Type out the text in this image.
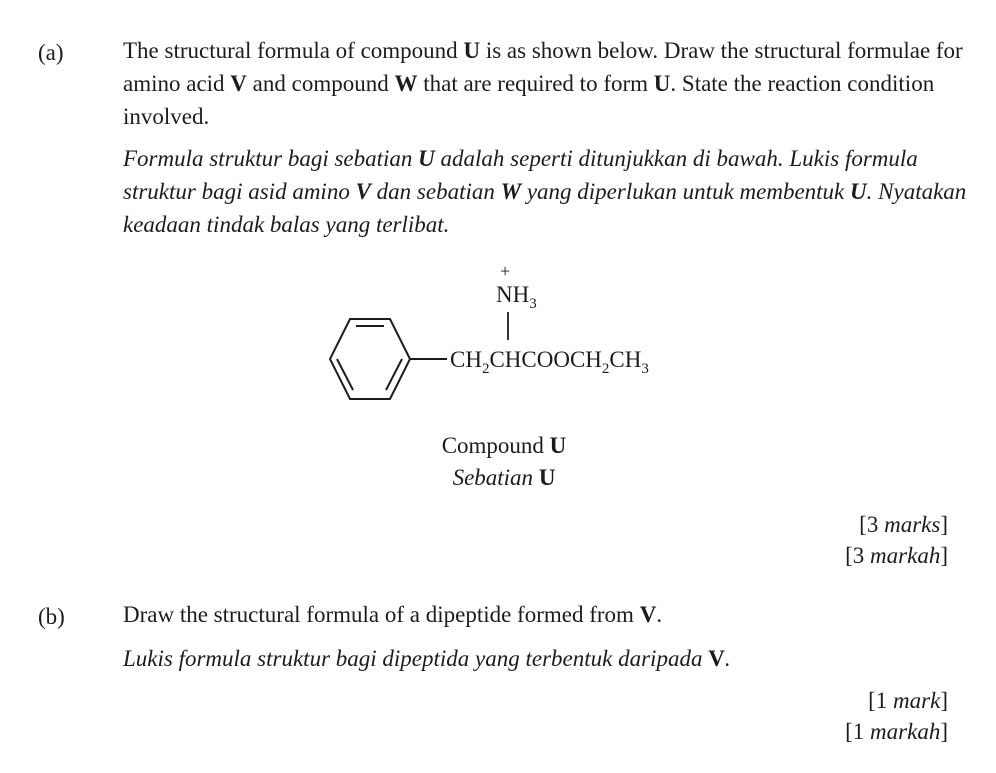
(a)	The structural formula of compound U is as shown below. Draw the structural formulae for amino acid V and compound W that are required to form U. State the reaction condition involved.
Formula struktur bagi sebatian U adalah seperti ditunjukkan di bawah. Lukis formula struktur bagi asid amino V dan sebatian W yang diperlukan untuk membentuk U. Nyatakan keadaan tindak balas yang terlibat.
+
$NH_3$
$CH_2CHCOOCH_2CH_3$
Compound U
Sebatian U
[3 marks]
[3 markah]
(b)	Draw the structural formula of a dipeptide formed from V.
Lukis formula struktur bagi dipeptida yang terbentuk daripada V.
[1 mark]
[1 markah]
